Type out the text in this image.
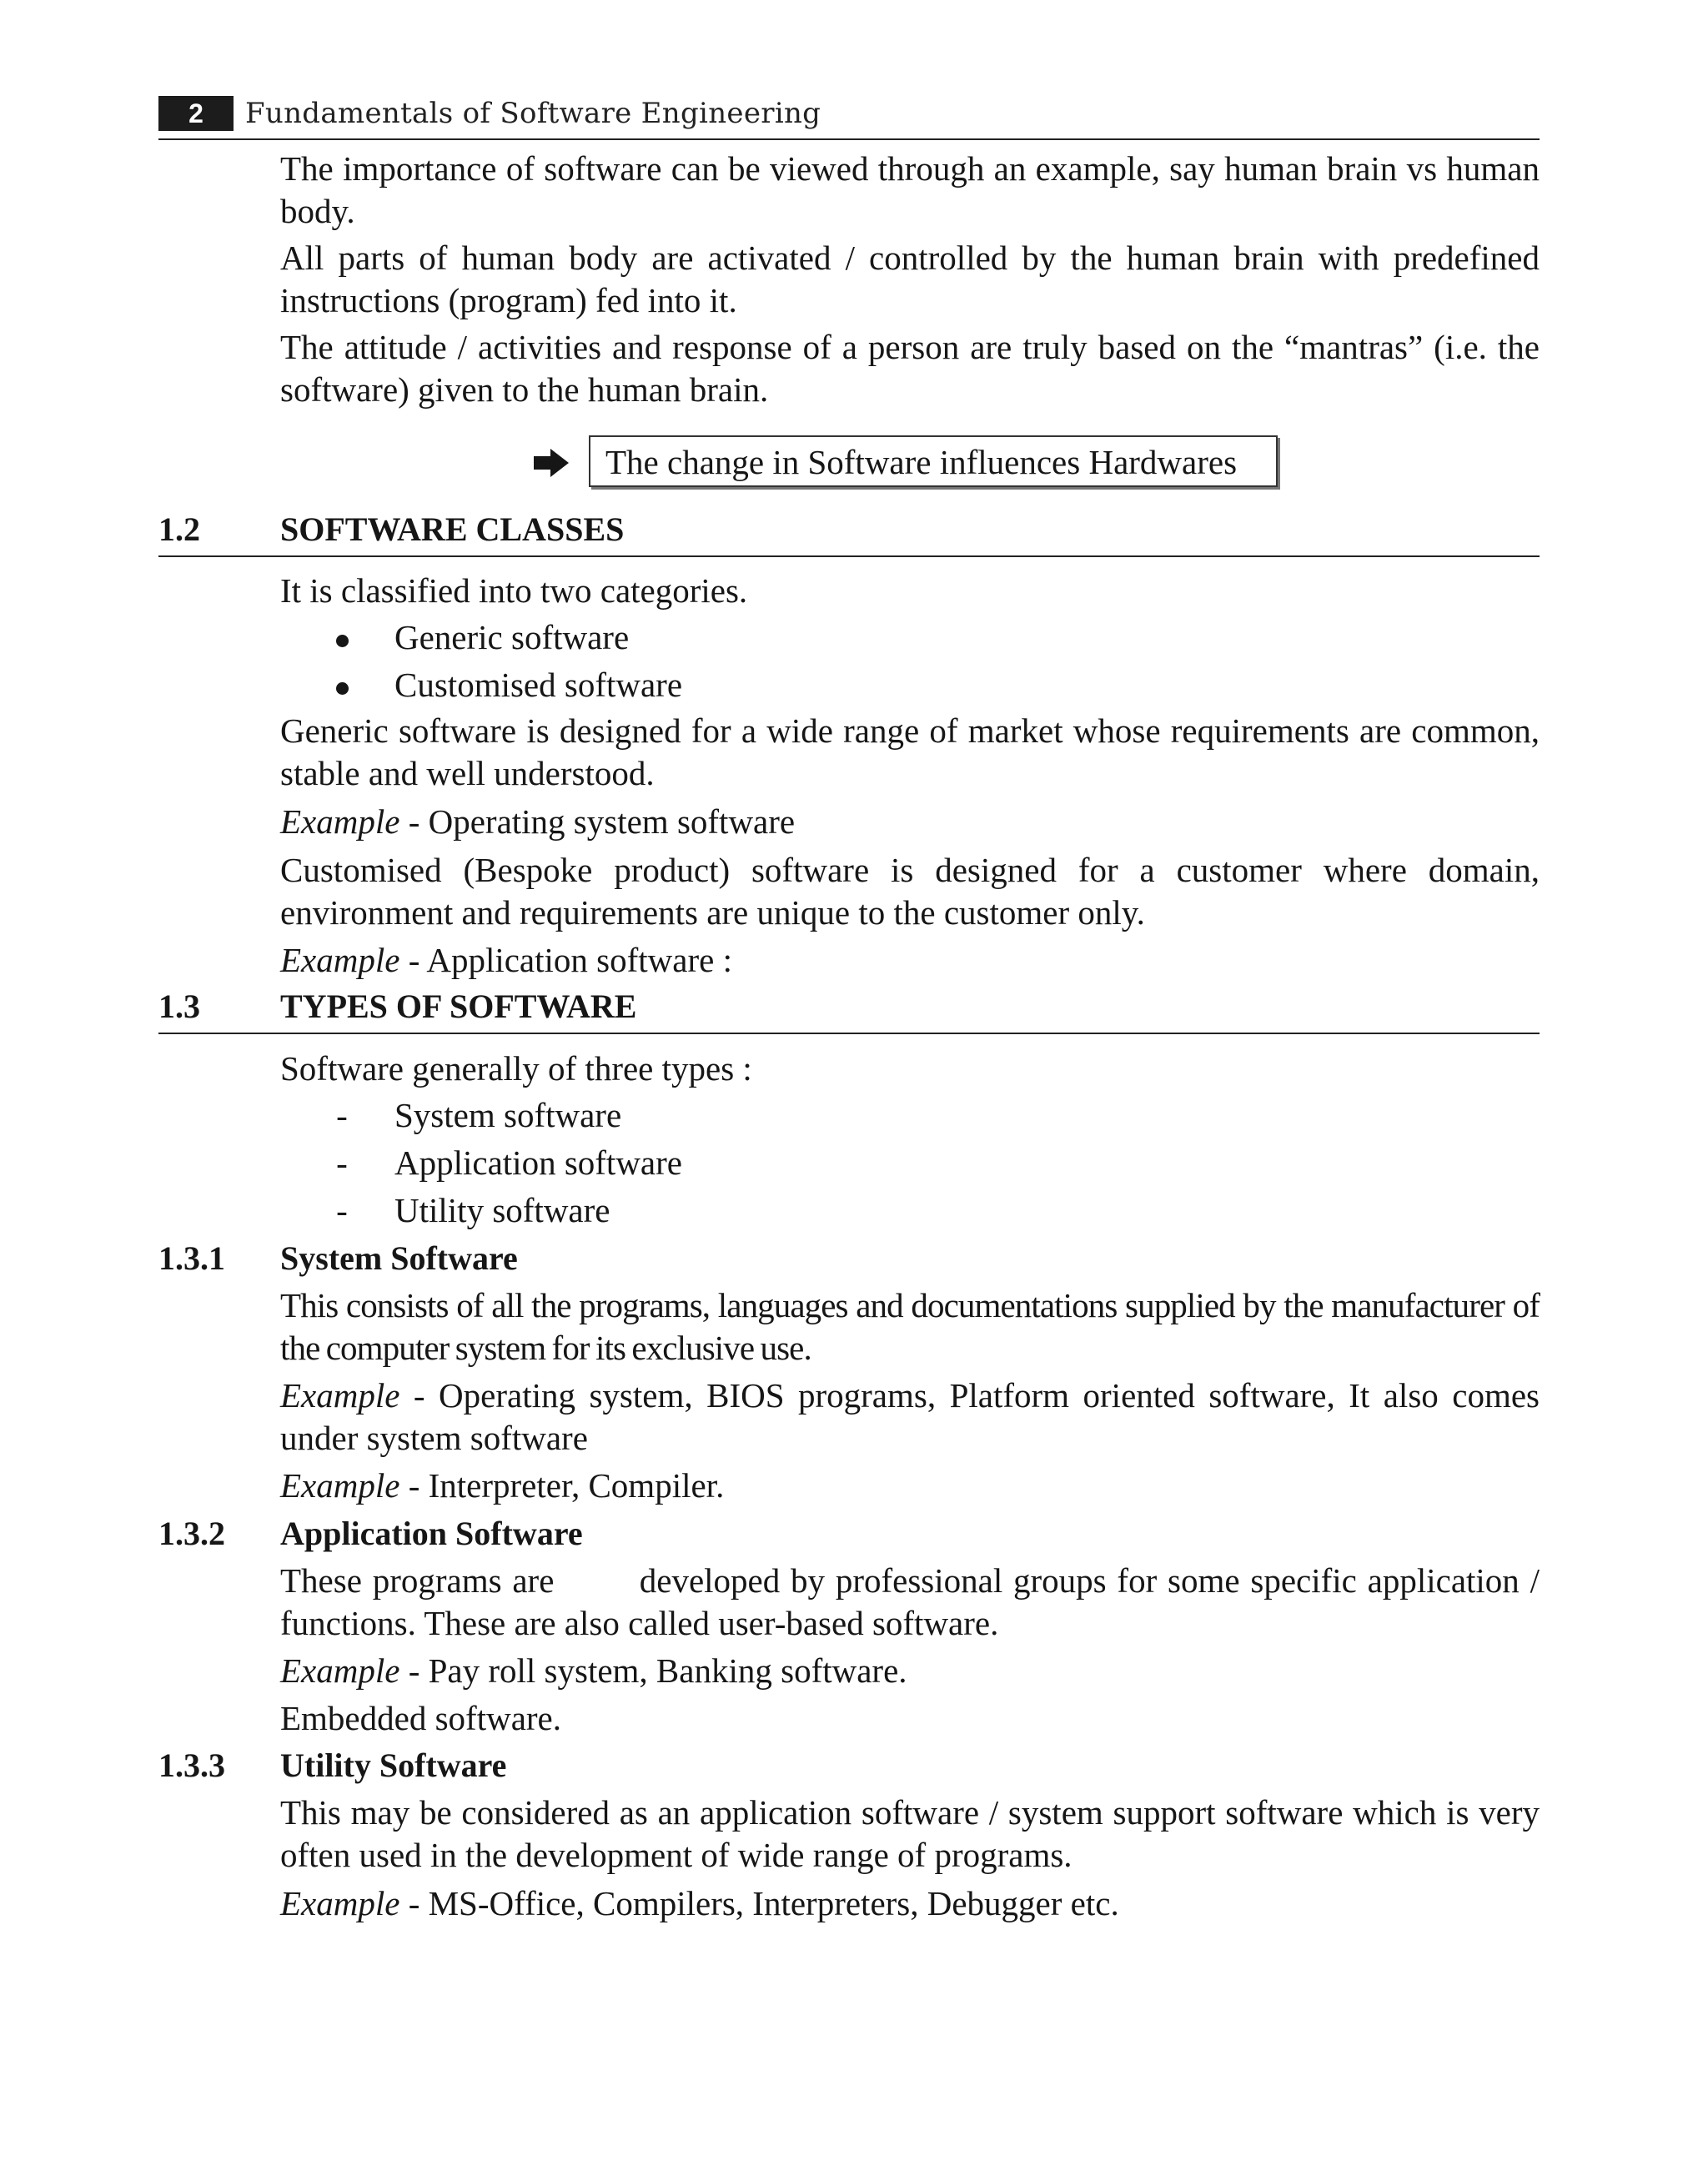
2	Fundamentals of Software Engineering

The importance of software can be viewed through an example, say human brain vs human body.

All parts of human body are activated / controlled by the human brain with predefined instructions (program) fed into it.

The attitude / activities and response of a person are truly based on the “mantras” (i.e. the software) given to the human brain.

The change in Software influences Hardwares
1.2 SOFTWARE CLASSES
It is classified into two categories.
Generic software
Customised software

Generic software is designed for a wide range of market whose requirements are common, stable and well understood.

Example - Operating system software

Customised (Bespoke product) software is designed for a customer where domain, environment and requirements are unique to the customer only.

Example - Application software :
1.3 TYPES OF SOFTWARE
Software generally of three types :
- System software
- Application software
- Utility software
1.3.1 System Software

This consists of all the programs, languages and documentations supplied by the manufacturer of the computer system for its exclusive use.

Example - Operating system, BIOS programs, Platform oriented software, It also comes under system software

Example - Interpreter, Compiler.
1.3.2 Application Software

These programs are        developed by professional groups for some specific application / functions. These are also called user-based software.

Example - Pay roll system, Banking software.
Embedded software.
1.3.3 Utility Software

This may be considered as an application software / system support software which is very often used in the development of wide range of programs.

Example - MS-Office, Compilers, Interpreters, Debugger etc.
